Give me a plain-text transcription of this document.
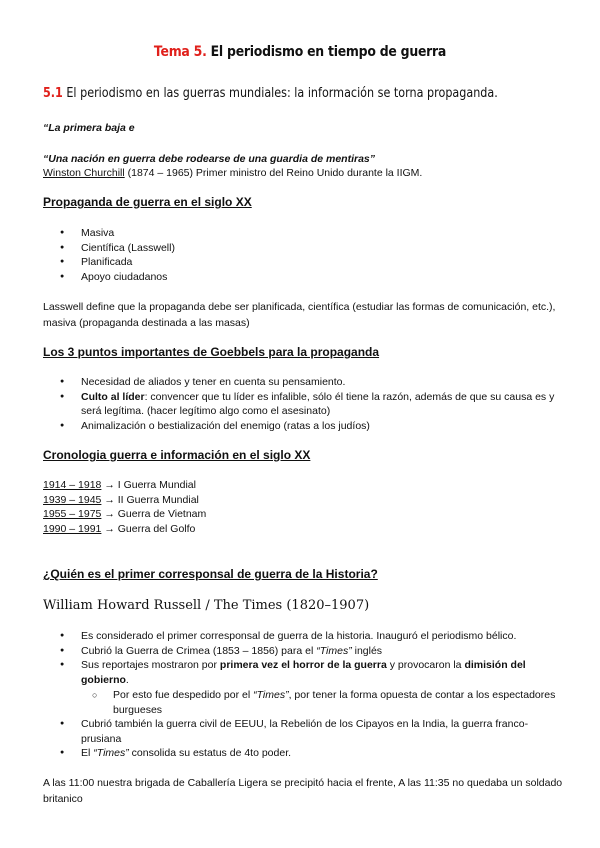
Tema 5. El periodismo en tiempo de guerra
5.1 El periodismo en las guerras mundiales: la información se torna propaganda.
“La primera baja e
“Una nación en guerra debe rodearse de una guardia de mentiras”
Winston Churchill (1874 – 1965) Primer ministro del Reino Unido durante la IIGM.
Propaganda de guerra en el siglo XX
● Masiva
● Científica (Lasswell)
● Planificada
● Apoyo ciudadanos
Lasswell define que la propaganda debe ser planificada, científica (estudiar las formas de comunicación, etc.), masiva (propaganda destinada a las masas)
Los 3 puntos importantes de Goebbels para la propaganda
● Necesidad de aliados y tener en cuenta su pensamiento.
● Culto al líder: convencer que tu líder es infalible, sólo él tiene la razón, además de que su causa es y será legítima. (hacer legítimo algo como el asesinato)
● Animalización o bestialización del enemigo (ratas a los judíos)
Cronologia guerra e información en el siglo XX
1914 – 1918 → I Guerra Mundial
1939 – 1945 → II Guerra Mundial
1955 – 1975 → Guerra de Vietnam
1990 – 1991 → Guerra del Golfo
¿Quién es el primer corresponsal de guerra de la Historia?
William Howard Russell / The Times (1820–1907)
● Es considerado el primer corresponsal de guerra de la historia. Inauguró el periodismo bélico.
● Cubrió la Guerra de Crimea (1853 – 1856) para el “Times” inglés
● Sus reportajes mostraron por primera vez el horror de la guerra y provocaron la dimisión del gobierno.
○ Por esto fue despedido por el “Times”, por tener la forma opuesta de contar a los espectadores burgueses
● Cubrió también la guerra civil de EEUU, la Rebelión de los Cipayos en la India, la guerra franco-prusiana
● El “Times” consolida su estatus de 4to poder.
A las 11:00 nuestra brigada de Caballería Ligera se precipitó hacia el frente, A las 11:35 no quedaba un soldado britanico
